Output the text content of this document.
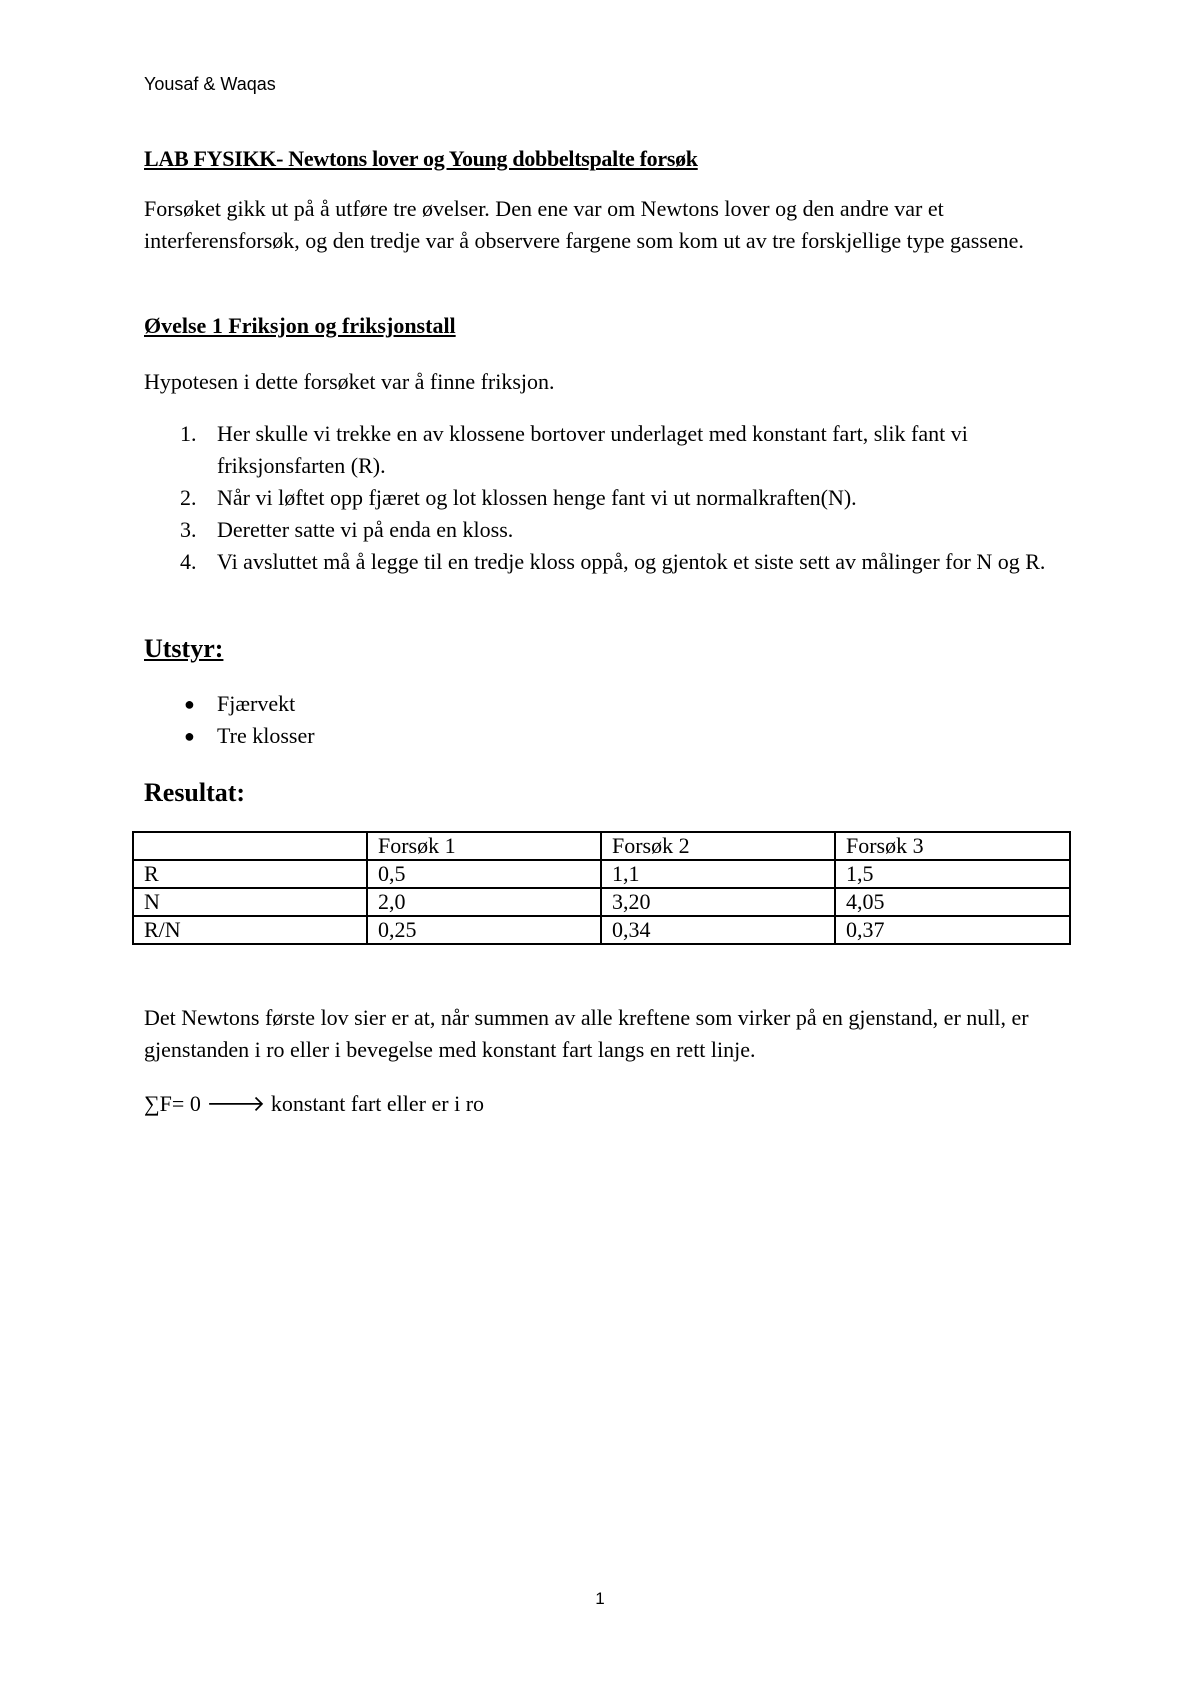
Yousaf & Waqas
LAB FYSIKK- Newtons lover og Young dobbeltspalte forsøk
Forsøket gikk ut på å utføre tre øvelser. Den ene var om Newtons lover og den andre var et interferensforsøk, og den tredje var å observere fargene som kom ut av tre forskjellige type gassene.
Øvelse 1 Friksjon og friksjonstall
Hypotesen i dette forsøket var å finne friksjon.
1. Her skulle vi trekke en av klossene bortover underlaget med konstant fart, slik fant vi friksjonsfarten (R).
2. Når vi løftet opp fjæret og lot klossen henge fant vi ut normalkraften(N).
3. Deretter satte vi på enda en kloss.
4. Vi avsluttet må å legge til en tredje kloss oppå, og gjentok et siste sett av målinger for N og R.
Utstyr:
● Fjærvekt
● Tre klosser
Resultat:
	Forsøk 1	Forsøk 2	Forsøk 3
R	0,5	1,1	1,5
N	2,0	3,20	4,05
R/N	0,25	0,34	0,37
Det Newtons første lov sier er at, når summen av alle kreftene som virker på en gjenstand, er null, er gjenstanden i ro eller i bevegelse med konstant fart langs en rett linje.
∑F= 0 🡒 konstant fart eller er i ro
1
